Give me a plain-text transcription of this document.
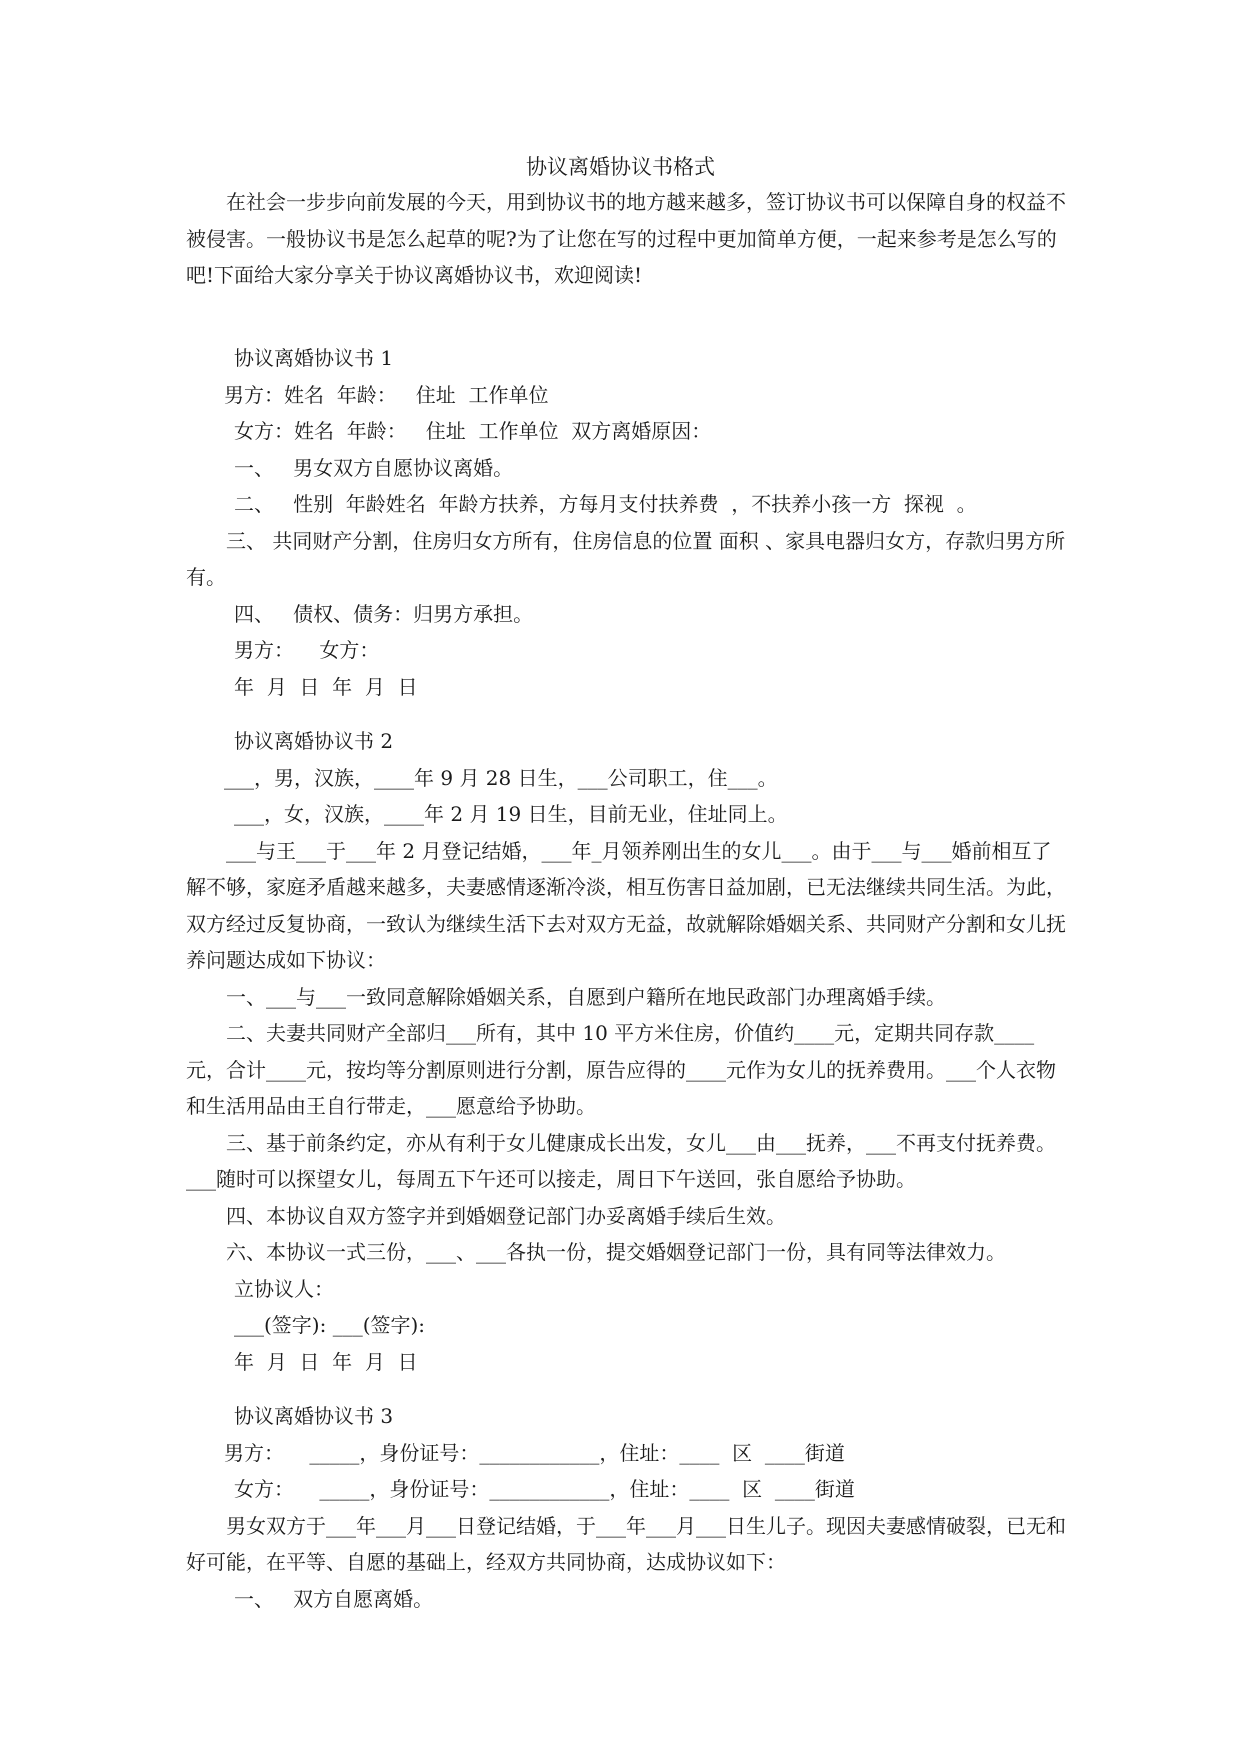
协议离婚协议书格式

在社会一步步向前发展的今天，用到协议书的地方越来越多，签订协议书可以保障自身的权益不被侵害。一般协议书是怎么起草的呢?为了让您在写的过程中更加简单方便，一起来参考是怎么写的吧!下面给大家分享关于协议离婚协议书，欢迎阅读!

协议离婚协议书 1

男方：姓名  年龄：   住址  工作单位

女方：姓名  年龄：   住址  工作单位  双方离婚原因：

一、   男女双方自愿协议离婚。

二、   性别  年龄姓名  年龄方扶养，方每月支付扶养费  ，不扶养小孩一方  探视  。

三、 共同财产分割，住房归女方所有，住房信息的位置 面积 、家具电器归女方，存款归男方所有。

四、   债权、债务：归男方承担。

男方：    女方：

年  月  日  年  月  日

协议离婚协议书 2

___，男，汉族，____年 9 月 28 日生，___公司职工，住___。

___，女，汉族，____年 2 月 19 日生，目前无业，住址同上。

___与王___于___年 2 月登记结婚，___年_月领养刚出生的女儿___。由于___与___婚前相互了解不够，家庭矛盾越来越多，夫妻感情逐渐冷淡，相互伤害日益加剧，已无法继续共同生活。为此，双方经过反复协商，一致认为继续生活下去对双方无益，故就解除婚姻关系、共同财产分割和女儿抚养问题达成如下协议：

一、___与___一致同意解除婚姻关系，自愿到户籍所在地民政部门办理离婚手续。

二、夫妻共同财产全部归___所有，其中 10 平方米住房，价值约____元，定期共同存款____元，合计____元，按均等分割原则进行分割，原告应得的____元作为女儿的抚养费用。___个人衣物和生活用品由王自行带走，___愿意给予协助。

三、基于前条约定，亦从有利于女儿健康成长出发，女儿___由___抚养，___不再支付抚养费。___随时可以探望女儿，每周五下午还可以接走，周日下午送回，张自愿给予协助。

四、本协议自双方签字并到婚姻登记部门办妥离婚手续后生效。

六、本协议一式三份，___、___各执一份，提交婚姻登记部门一份，具有同等法律效力。

立协议人：

___(签字): ___(签字):

年  月  日  年  月  日

协议离婚协议书 3

男方：    _____，身份证号：____________，住址：____  区  ____街道

女方：    _____，身份证号：____________，住址：____  区  ____街道

男女双方于___年___月___日登记结婚，于___年___月___日生儿子。现因夫妻感情破裂，已无和好可能，在平等、自愿的基础上，经双方共同协商，达成协议如下：

一、   双方自愿离婚。
